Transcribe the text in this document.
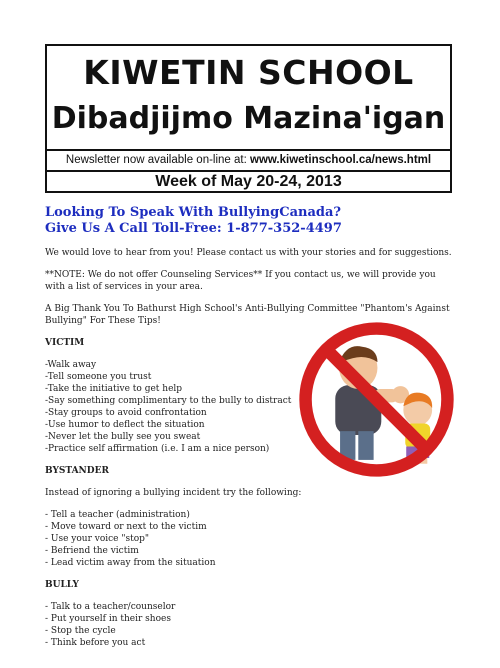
KIWETIN SCHOOL
Dibadjijmo Mazina'igan
Newsletter now available on-line at: www.kiwetinschool.ca/news.html
Week of May 20-24, 2013
Looking To Speak With BullyingCanada?
Give Us A Call Toll-Free: 1-877-352-4497

We would love to hear from you! Please contact us with your stories and for suggestions.

**NOTE: We do not offer Counseling Services** If you contact us, we will provide you with a list of services in your area.

A Big Thank You To Bathurst High School's Anti-Bullying Committee "Phantom's Against Bullying" For These Tips!

VICTIM
-Walk away
-Tell someone you trust
-Take the initiative to get help
-Say something complimentary to the bully to distract
-Stay groups to avoid confrontation
-Use humor to deflect the situation
-Never let the bully see you sweat
-Practice self affirmation (i.e. I am a nice person)
BYSTANDER

Instead of ignoring a bullying incident try the following:

- Tell a teacher (administration)
- Move toward or next to the victim
- Use your voice "stop"
- Befriend the victim
- Lead victim away from the situation
BULLY
- Talk to a teacher/counselor
- Put yourself in their shoes
- Stop the cycle
- Think before you act
